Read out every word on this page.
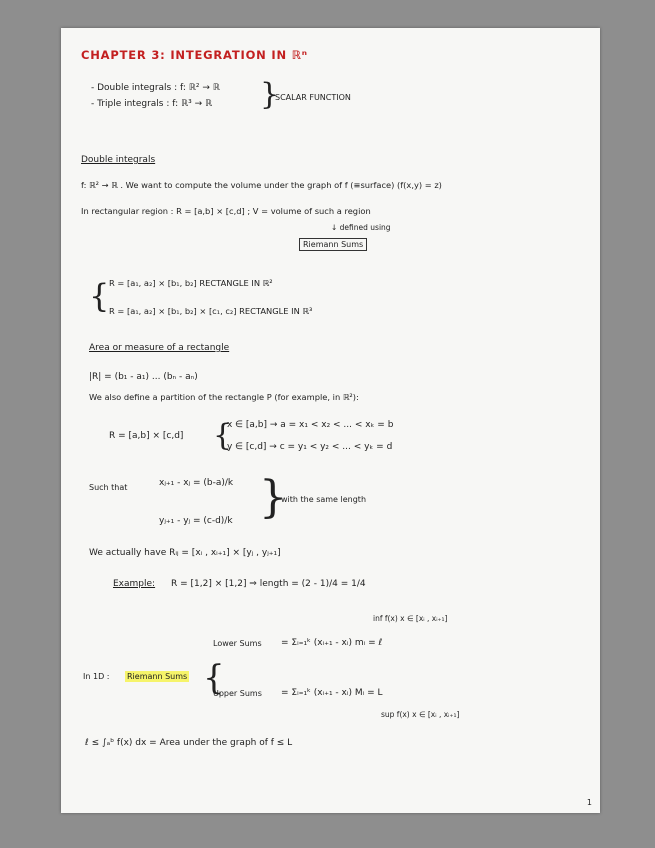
CHAPTER 3: INTEGRATION IN ℝⁿ
- Double integrals : f: ℝ² → ℝ
- Triple integrals : f: ℝ³ → ℝ }
SCALAR FUNCTION
Double integrals
f: ℝ² → ℝ . We want to compute the volume under the graph of f (≡surface) (f(x,y) = z)
In rectangular region : R = [a,b] × [c,d] ; V = volume of such a region
↓ defined using
Riemann Sums
{ R = [a₁, a₂] × [b₁, b₂] RECTANGLE IN ℝ²
R = [a₁, a₂] × [b₁, b₂] × [c₁, c₂] RECTANGLE IN ℝ³
Area or measure of a rectangle
|R| = (b₁ - a₁) ... (bₙ - aₙ)
We also define a partition of the rectangle P (for example, in ℝ²):
R = [a,b] × [c,d] {
x ∈ [a,b] → a = x₁ < x₂ < ... < xₖ = b
y ∈ [c,d] → c = y₁ < y₂ < ... < yₖ = d
Such that	xⱼ₊₁ - xⱼ = (b-a)/k
yⱼ₊₁ - yⱼ = (c-d)/k }
with the same length
We actually have Rᵢⱼ = [xᵢ , xᵢ₊₁] × [yⱼ , yⱼ₊₁]
Example: R = [1,2] × [1,2] ⇒ length = (2 - 1)/4 = 1/4
inf f(x) x ∈ [xᵢ , xᵢ₊₁]
Lower Sums = Σᵢ₌₁ᵏ (xᵢ₊₁ - xᵢ) mᵢ = ℓ
In 1D : Riemann Sums {
Upper Sums = Σᵢ₌₁ᵏ (xᵢ₊₁ - xᵢ) Mᵢ = L
sup f(x) x ∈ [xᵢ , xᵢ₊₁]
ℓ ≤ ∫ₐᵇ f(x) dx = Area under the graph of f ≤ L
1
